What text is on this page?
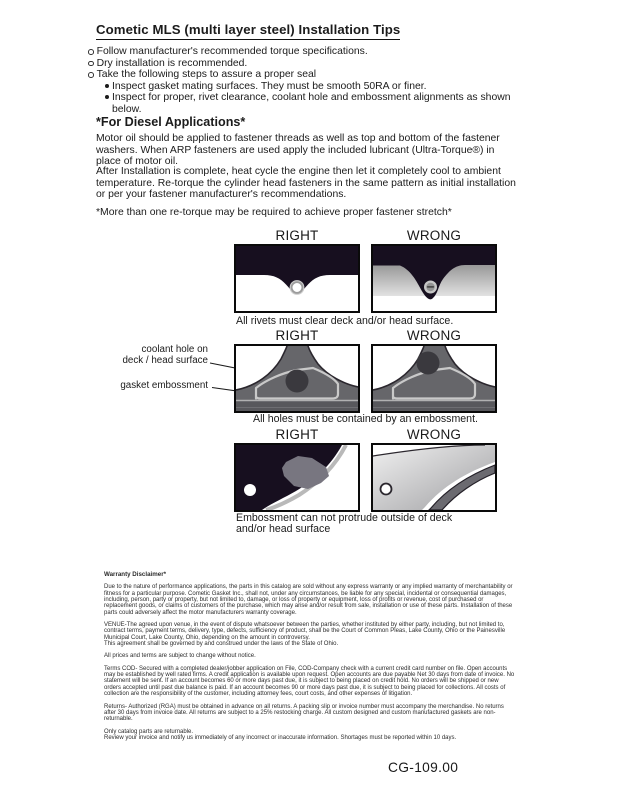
Cometic MLS (multi layer steel) Installation Tips
Follow manufacturer's recommended torque specifications.
Dry installation is recommended.
Take the following steps to assure a proper seal
Inspect gasket mating surfaces. They must be smooth 50RA or finer.
Inspect for proper, rivet clearance, coolant hole and embossment alignments as shown below.
*For Diesel Applications*

Motor oil should be applied to fastener threads as well as top and bottom of the fastener washers. When ARP fasteners are used apply the included lubricant (Ultra-Torque®) in place of motor oil.

After Installation is complete, heat cycle the engine then let it completely cool to ambient temperature. Re-torque the cylinder head fasteners in the same pattern as initial installation or per your fastener manufacturer's recommendations.

*More than one re-torque may be required to achieve proper fastener stretch*

RIGHT	WRONG
All rivets must clear deck and/or head surface.
coolant hole on
deck / head surface
gasket embossment
RIGHT	WRONG
All holes must be contained by an embossment.
RIGHT	WRONG
Embossment can not protrude outside of deck
and/or head surface
Warranty Disclaimer*

Due to the nature of performance applications, the parts in this catalog are sold without any express warranty or any implied warranty of merchantability or fitness for a particular purpose. Cometic Gasket Inc., shall not, under any circumstances, be liable for any special, incidental or consequential damages, including, person, party or property, but not limited to, damage, or loss of property or equipment, loss of profits or revenue, cost of purchased or replacement goods, or claims of customers of the purchase, which may arise and/or result from sale, installation or use of these parts. Installation of these parts could adversely affect the motor manufacturers warranty coverage.

VENUE-The agreed upon venue, in the event of dispute whatsoever between the parties, whether instituted by either party, including, but not limited to, contract terms, payment terms, delivery, type, defects, sufficiency of product, shall be the Court of Common Pleas, Lake County, Ohio or the Painesville Municipal Court, Lake County, Ohio, depending on the amount in controversy.

This agreement shall be governed by and construed under the laws of the State of Ohio.

All prices and terms are subject to change without notice.

Terms COD- Secured with a completed dealer/jobber application on File, COD-Company check with a current credit card number on file. Open accounts may be established by well rated firms. A credit application is available upon request. Open accounts are due payable Net 30 days from date of invoice. No statement will be sent. If an account becomes 60 or more days past due, it is subject to being placed on credit hold. No orders will be shipped or new orders accepted until past due balance is paid. If an account becomes 90 or more days past due, it is subject to being placed for collections. All costs of collection are the responsibility of the customer, including attorney fees, court costs, and other expenses of litigation.

Returns- Authorized (RGA) must be obtained in advance on all returns. A packing slip or invoice number must accompany the merchandise. No returns after 30 days from invoice date. All returns are subject to a 25% restocking charge. All custom designed and custom manufactured gaskets are non-returnable.

Only catalog parts are returnable.

Review your invoice and notify us immediately of any incorrect or inaccurate information. Shortages must be reported within 10 days.

CG-109.00
